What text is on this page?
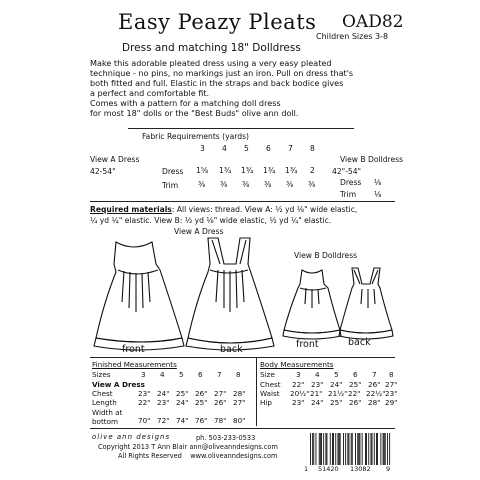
Easy Peazy Pleats OAD82
Children Sizes 3-8
Dress and matching 18" Dolldress
Make this adorable pleated dress using a very easy pleated
technique - no pins, no markings just an iron. Pull on dress that's
both fitted and full. Elastic in the straps and back bodice gives
a perfect and comfortable fit.
Comes with a pattern for a matching doll dress
for most 18" dolls or the "Best Buds" olive ann doll.
Fabric Requirements (yards)
3 4 5 6 7 8
View A Dress
42-54"	Dress
Trim
1⅝ 1¾ 1¾ 1¾ 1¾ 2
⅜ ⅜ ⅜ ⅜ ⅜ ⅜
View B Dolldress
42"-54"
Dress ⅛
Trim ⅛
Required materials: All views: thread. View A: ½ yd ⅛" wide elastic,
¼ yd ¼" elastic. View B: ½ yd ⅛" wide elastic, ½ yd ¼" elastic.
View A Dress
View B Dolldress
front	back	front	back
Finished Measurements
Sizes	3 4 5 6 7 8
View A Dress
Chest	23" 24" 25" 26" 27" 28"
Length	22" 23" 24" 25" 26" 27"
Width at bottom	70" 72" 74" 76" 78" 80"
Body Measurements
Size	3 4 5 6 7 8
Chest 22" 23" 24" 25" 26" 27"
Waist 20½" 21" 21½" 22" 22½" 23"
Hip	23" 24" 25" 26" 28" 29"
olive ann designs	ph. 503-233-0533
Copyright 2013 T Ann Blair ann@oliveanndesigns.com
All Rights Reserved www.oliveanndesigns.com
1 51420 13082 9
